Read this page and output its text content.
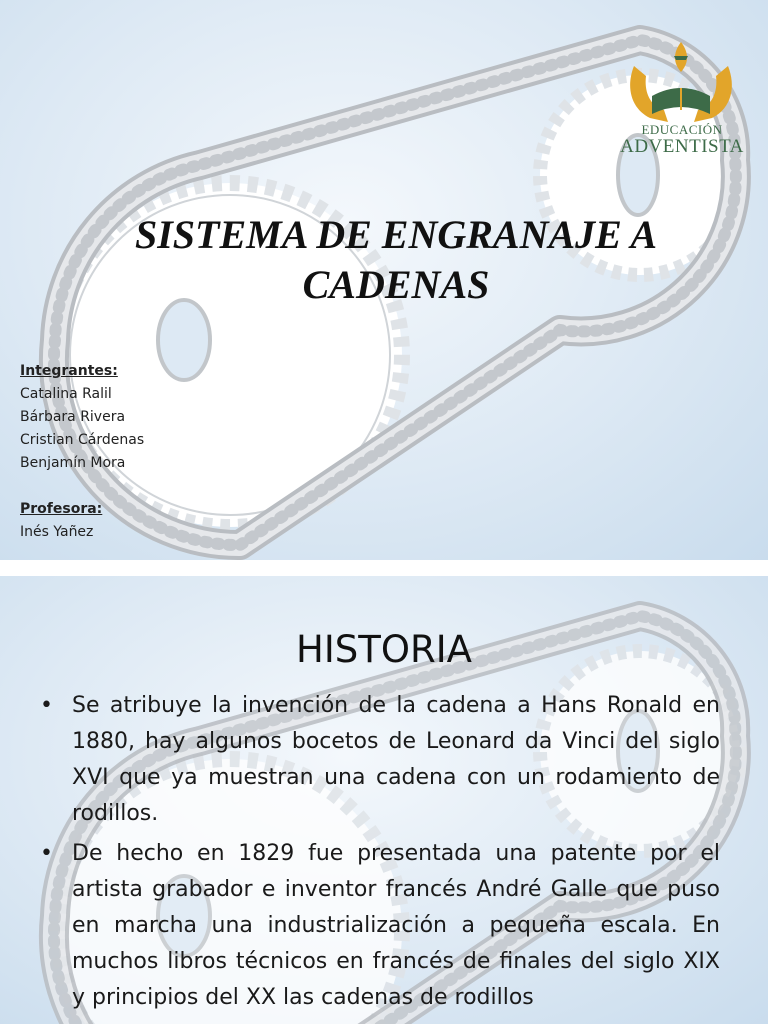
EDUCACIÓN
ADVENTISTA
SISTEMA DE ENGRANAJE A
CADENAS
Integrantes:
Catalina Ralil
Bárbara Rivera
Cristian Cárdenas
Benjamín Mora
Profesora:
Inés Yañez
HISTORIA
• Se atribuye la invención de la cadena a Hans Ronald en 1880, hay algunos bocetos de Leonard da Vinci del siglo XVI que ya muestran una cadena con un rodamiento de rodillos.
• De hecho en 1829 fue presentada una patente por el artista grabador e inventor francés André Galle que puso en marcha una industrialización a pequeña escala. En muchos libros técnicos en francés de finales del siglo XIX y principios del XX las cadenas de rodillos
